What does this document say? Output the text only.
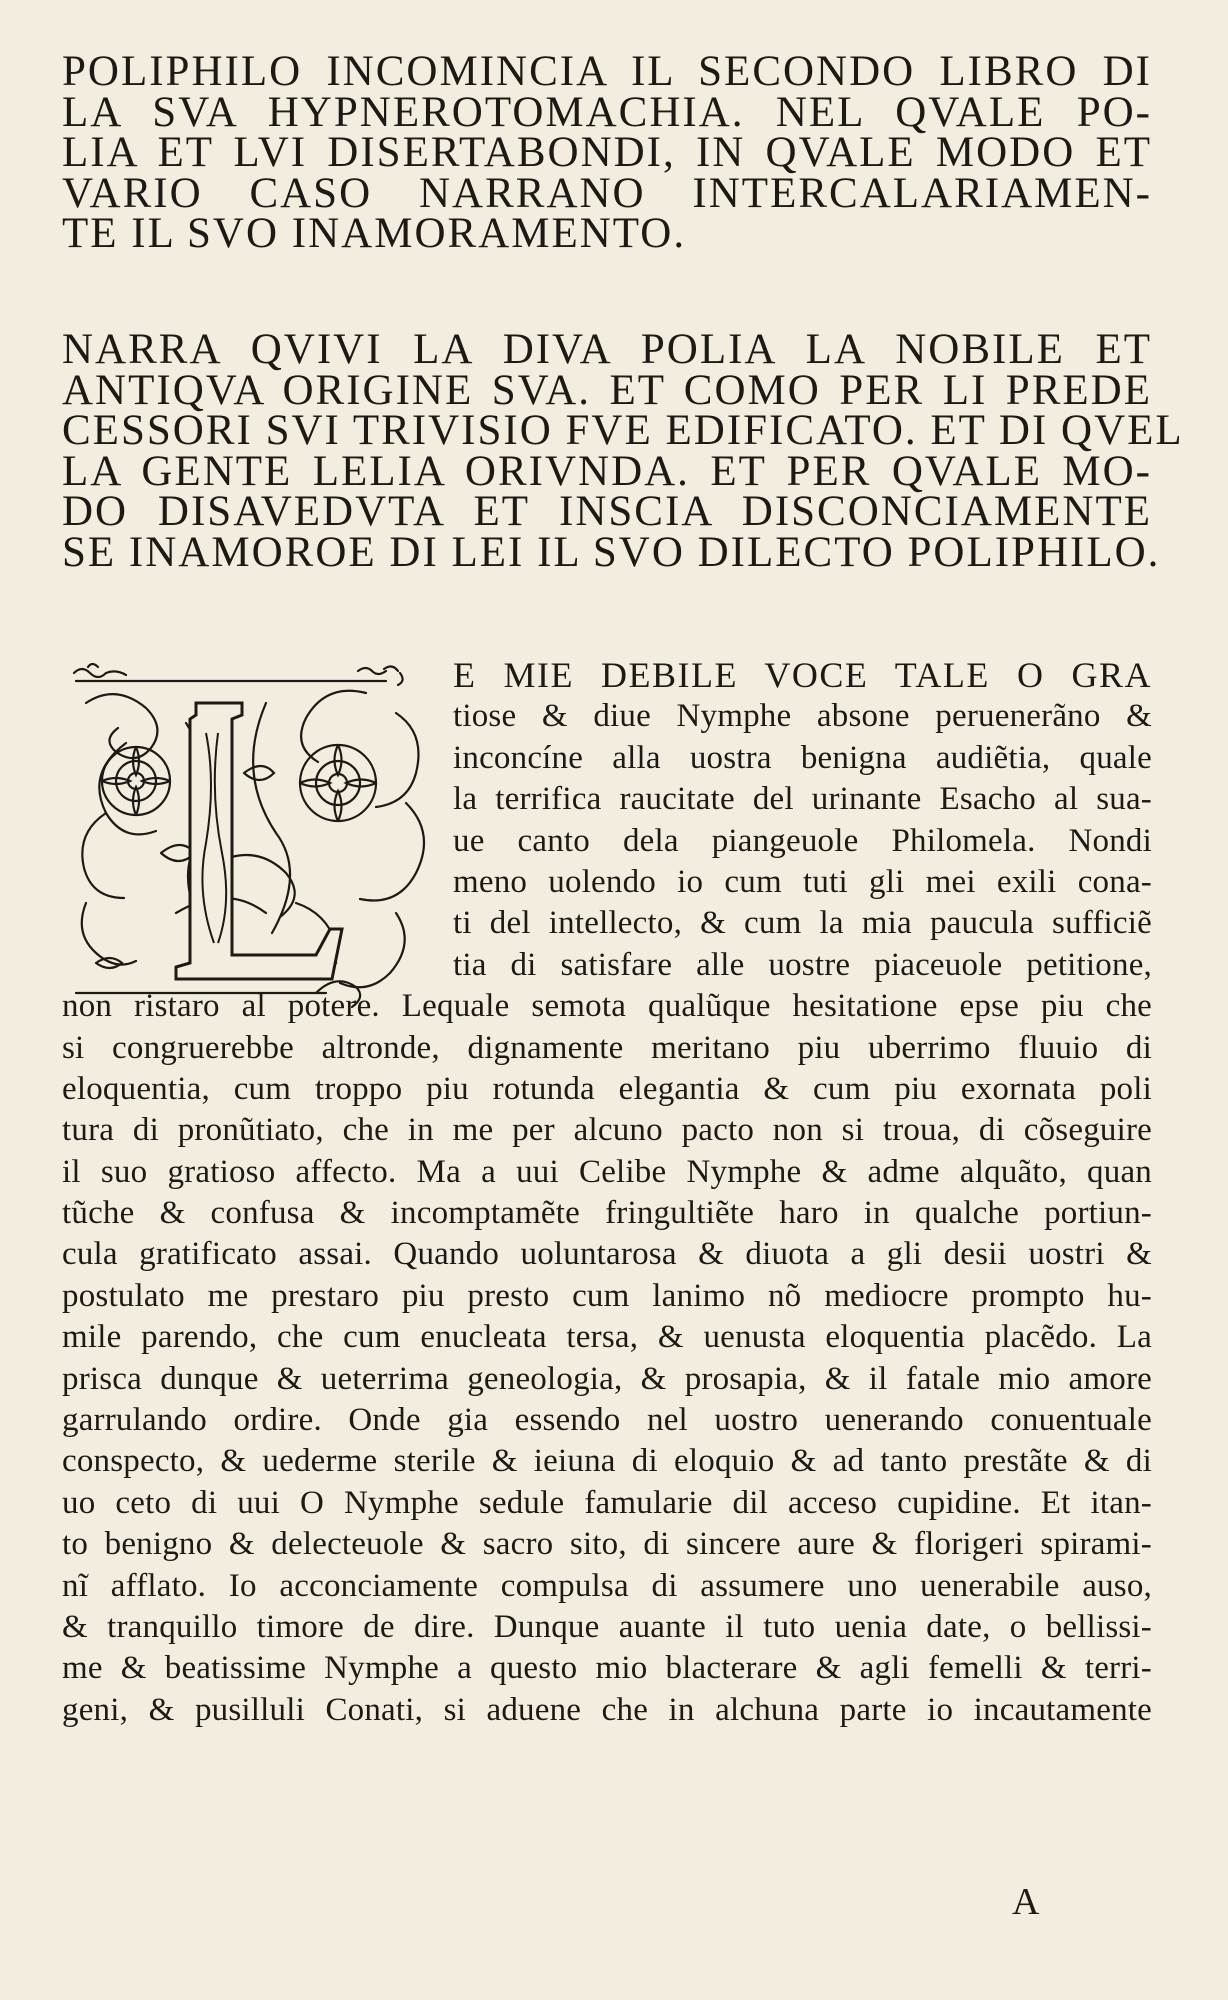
POLIPHILO INCOMINCIA IL SECONDO LIBRO DI
LA SVA HYPNEROTOMACHIA. NEL QVALE PO-
LIA ET LVI DISERTABONDI, IN QVALE MODO ET
VARIO CASO NARRANO INTERCALARIAMEN-
TE IL SVO INAMORAMENTO.
NARRA QVIVI LA DIVA POLIA LA NOBILE ET
ANTIQVA ORIGINE SVA. ET COMO PER LI PREDE
CESSORI SVI TRIVISIO FVE EDIFICATO. ET DI QVEL
LA GENTE LELIA ORIVNDA. ET PER QVALE MO-
DO DISAVEDVTA ET INSCIA DISCONCIAMENTE
SE INAMOROE DI LEI IL SVO DILECTO POLIPHILO.
L
E MIE DEBILE VOCE TALE O GRA
tiose & diue Nymphe absone peruenerãno &
inconcíne alla uostra benigna audiẽtia, quale
la terrifica raucitate del urinante Esacho al sua-
ue canto dela piangeuole Philomela. Nondi
meno uolendo io cum tuti gli mei exili cona-
ti del intellecto, & cum la mia paucula sufficiẽ
tia di satisfare alle uostre piaceuole petitione,
non ristaro al potere. Lequale semota qualũque hesitatione epse piu che
si congruerebbe altronde, dignamente meritano piu uberrimo fluuio di
eloquentia, cum troppo piu rotunda elegantia & cum piu exornata poli
tura di pronũtiato, che in me per alcuno pacto non si troua, di cõseguire
il suo gratioso affecto. Ma a uui Celibe Nymphe & adme alquãto, quan
tũche & confusa & incomptamẽte fringultiẽte haro in qualche portiun-
cula gratificato assai. Quando uoluntarosa & diuota a gli desii uostri &
postulato me prestaro piu presto cum lanimo nõ mediocre prompto hu-
mile parendo, che cum enucleata tersa, & uenusta eloquentia placẽdo. La
prisca dunque & ueterrima geneologia, & prosapia, & il fatale mio amore
garrulando ordire. Onde gia essendo nel uostro uenerando conuentuale
conspecto, & uederme sterile & ieiuna di eloquio & ad tanto prestãte & di
uo ceto di uui O Nymphe sedule famularie dil acceso cupidine. Et itan-
to benigno & delecteuole & sacro sito, di sincere aure & florigeri spirami-
nĩ afflato. Io acconciamente compulsa di assumere uno uenerabile auso,
& tranquillo timore de dire. Dunque auante il tuto uenia date, o bellissi-
me & beatissime Nymphe a questo mio blacterare & agli femelli & terri-
geni, & pusilluli Conati, si aduene che in alchuna parte io incautamente
A
